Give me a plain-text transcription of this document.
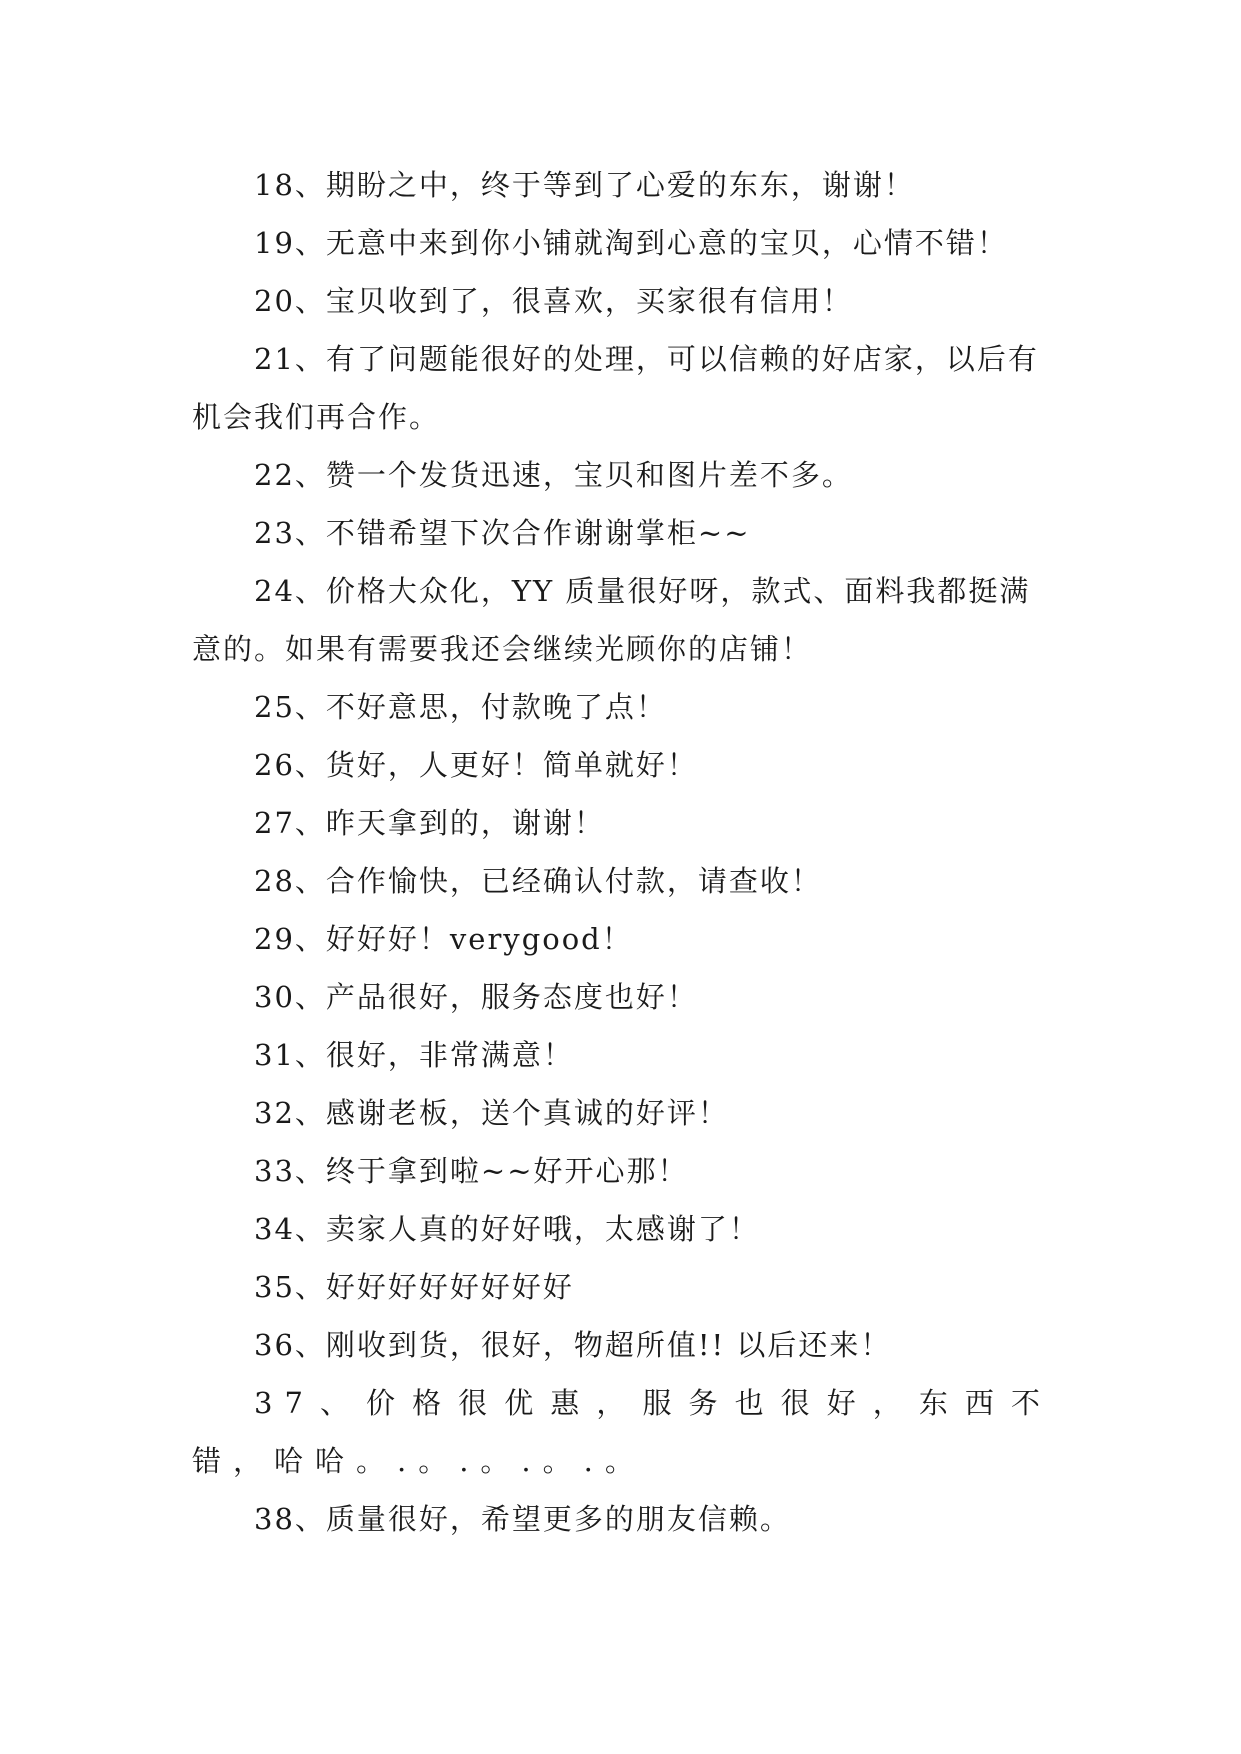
18、期盼之中，终于等到了心爱的东东，谢谢！

19、无意中来到你小铺就淘到心意的宝贝，心情不错！

20、宝贝收到了，很喜欢，买家很有信用！

21、有了问题能很好的处理，可以信赖的好店家，以后有机会我们再合作。

22、赞一个发货迅速，宝贝和图片差不多。

23、不错希望下次合作谢谢掌柜~~

24、价格大众化，YY 质量很好呀，款式、面料我都挺满意的。如果有需要我还会继续光顾你的店铺！

25、不好意思，付款晚了点！

26、货好，人更好！简单就好！

27、昨天拿到的，谢谢！

28、合作愉快，已经确认付款，请查收！

29、好好好！verygood！

30、产品很好，服务态度也好！

31、很好，非常满意！

32、感谢老板，送个真诚的好评！

33、终于拿到啦~~好开心那！

34、卖家人真的好好哦，太感谢了！

35、好好好好好好好好

36、刚收到货，很好，物超所值!! 以后还来！

37、价格很优惠，服务也很好，东西不错，哈哈。.。.。.。.。

38、质量很好，希望更多的朋友信赖。
